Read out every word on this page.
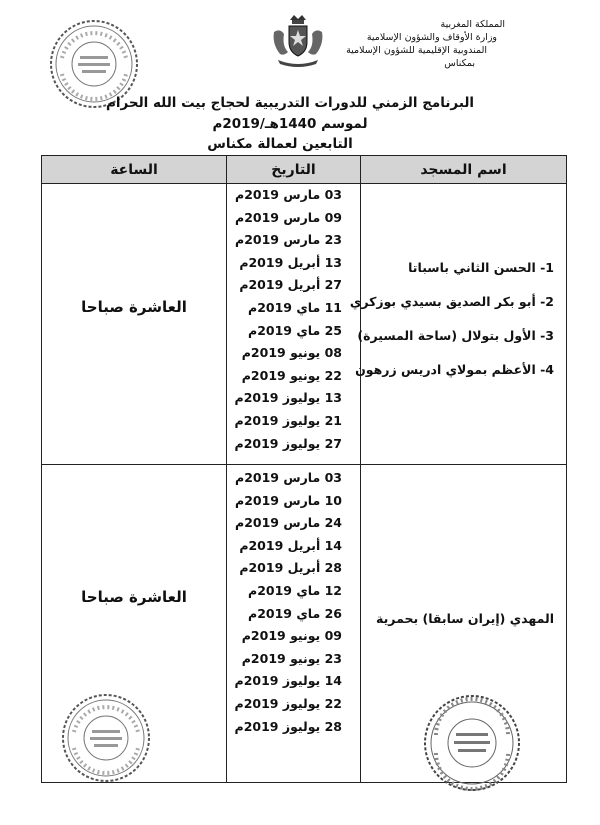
المملكة المغربية
وزارة الأوقاف والشؤون الإسلامية
المندوبية الإقليمية للشؤون الإسلامية
بمكناس
البرنامج الزمني للدورات التدريبية لحجاج بيت الله الحرام
لموسم 1440هـ/2019م
التابعين لعمالة مكناس
الساعة	التاريخ	اسم المسجد
العاشرة صباحا
03 مارس 2019م
09 مارس 2019م
23 مارس 2019م
13 أبريل 2019م
27 أبريل 2019م
11 ماي 2019م
25 ماي 2019م
08 يونيو 2019م
22 يونيو 2019م
13 يوليوز 2019م
21 يوليوز 2019م
27 يوليوز 2019م
1- الحسن الثاني باسباتا
2- أبو بكر الصديق بسيدي بوزكري
3- الأول بتولال (ساحة المسيرة)
4- الأعظم بمولاي ادريس زرهون
العاشرة صباحا
03 مارس 2019م
10 مارس 2019م
24 مارس 2019م
14 أبريل 2019م
28 أبريل 2019م
12 ماي 2019م
26 ماي 2019م
09 يونيو 2019م
23 يونيو 2019م
14 يوليوز 2019م
22 يوليوز 2019م
28 يوليوز 2019م
المهدي (إيران سابقا) بحمرية
